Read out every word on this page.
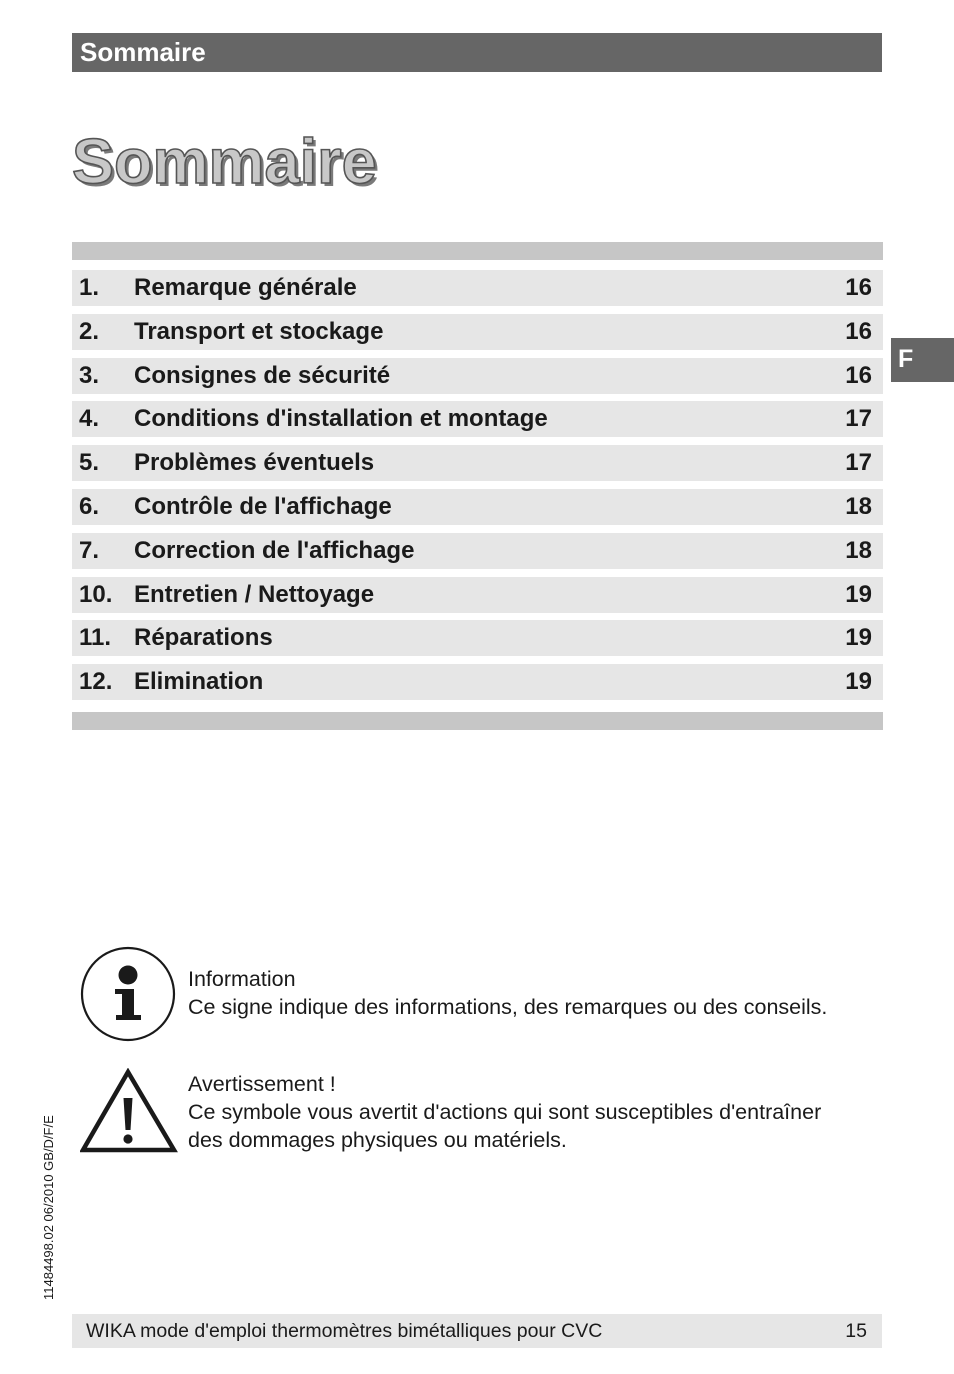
Sommaire
Sommaire
1. Remarque générale	16
2. Transport et stockage	16
3. Consignes de sécurité	16
4. Conditions d'installation et montage	17
5. Problèmes éventuels	17
6. Contrôle de l'affichage	18
7. Correction de l'affichage	18
10. Entretien / Nettoyage	19
11. Réparations	19
12. Elimination	19
F
Information
Ce signe indique des informations, des remarques ou des conseils.
Avertissement !
Ce symbole vous avertit d'actions qui sont susceptibles d'entraîner
des dommages physiques ou matériels.
11484498.02 06/2010 GB/D/F/E
WIKA mode d'emploi thermomètres bimétalliques pour CVC	15
